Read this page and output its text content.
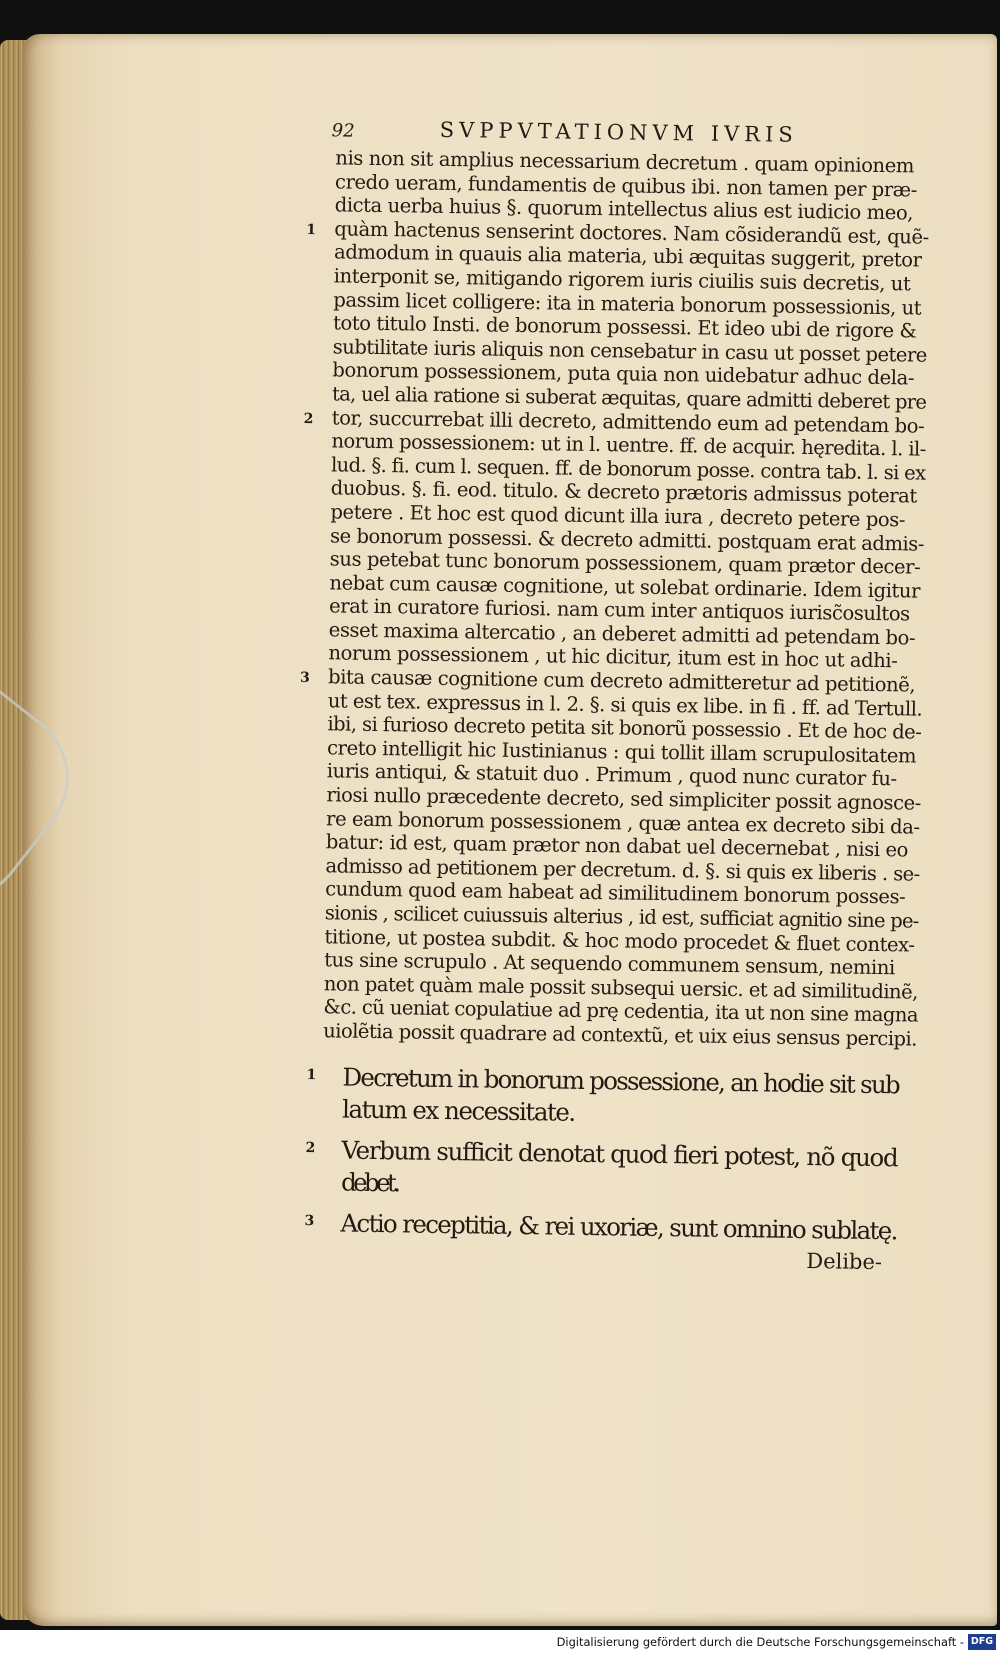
92	SVPPVTATIONVM IVRIS
nis non sit amplius necessarium decretum . quam opinionem
credo ueram, fundamentis de quibus ibi. non tamen per præ-
dicta uerba huius §. quorum intellectus alius est iudicio meo,
1 quàm hactenus senserint doctores. Nam cõsiderandũ est, quẽ-
admodum in quauis alia materia, ubi æquitas suggerit, pretor
interponit se, mitigando rigorem iuris ciuilis suis decretis, ut
passim licet colligere: ita in materia bonorum possessionis, ut
toto titulo Insti. de bonorum possessi. Et ideo ubi de rigore &
subtilitate iuris aliquis non censebatur in casu ut posset petere
bonorum possessionem, puta quia non uidebatur adhuc dela-
ta, uel alia ratione si suberat æquitas, quare admitti deberet pre
2 tor, succurrebat illi decreto, admittendo eum ad petendam bo-
norum possessionem: ut in l. uentre. ff. de acquir. hęredita. l. il-
lud. §. fi. cum l. sequen. ff. de bonorum posse. contra tab. l. si ex
duobus. §. fi. eod. titulo. & decreto prætoris admissus poterat
petere . Et hoc est quod dicunt illa iura , decreto petere pos-
se bonorum possessi. & decreto admitti. postquam erat admis-
sus petebat tunc bonorum possessionem, quam prætor decer-
nebat cum causæ cognitione, ut solebat ordinarie. Idem igitur
erat in curatore furiosi. nam cum inter antiquos iurisc̃osultos
esset maxima altercatio , an deberet admitti ad petendam bo-
norum possessionem , ut hic dicitur, itum est in hoc ut adhi-
3 bita causæ cognitione cum decreto admitteretur ad petitionẽ,
ut est tex. expressus in l. 2. §. si quis ex libe. in fi . ff. ad Tertull.
ibi, si furioso decreto petita sit bonorũ possessio . Et de hoc de-
creto intelligit hic Iustinianus : qui tollit illam scrupulositatem
iuris antiqui, & statuit duo . Primum , quod nunc curator fu-
riosi nullo præcedente decreto, sed simpliciter possit agnosce-
re eam bonorum possessionem , quæ antea ex decreto sibi da-
batur: id est, quam prætor non dabat uel decernebat , nisi eo
admisso ad petitionem per decretum. d. §. si quis ex liberis . se-
cundum quod eam habeat ad similitudinem bonorum posses-
sionis , scilicet cuiussuis alterius , id est, sufficiat agnitio sine pe-
titione, ut postea subdit. & hoc modo procedet & fluet contex-
tus sine scrupulo . At sequendo communem sensum, nemini
non patet quàm male possit subsequi uersic. et ad similitudinẽ,
&c. cũ ueniat copulatiue ad prę cedentia, ita ut non sine magna
uiolẽtia possit quadrare ad contextũ, et uix eius sensus percipi.
1 Decretum in bonorum possessione, an hodie sit sub
latum ex necessitate.
2 Verbum sufficit denotat quod fieri potest, nõ quod
debet.
3 Actio receptitia, & rei uxoriæ, sunt omnino sublatę.
Delibe-
Digitalisierung gefördert durch die Deutsche Forschungsgemeinschaft - DFG
